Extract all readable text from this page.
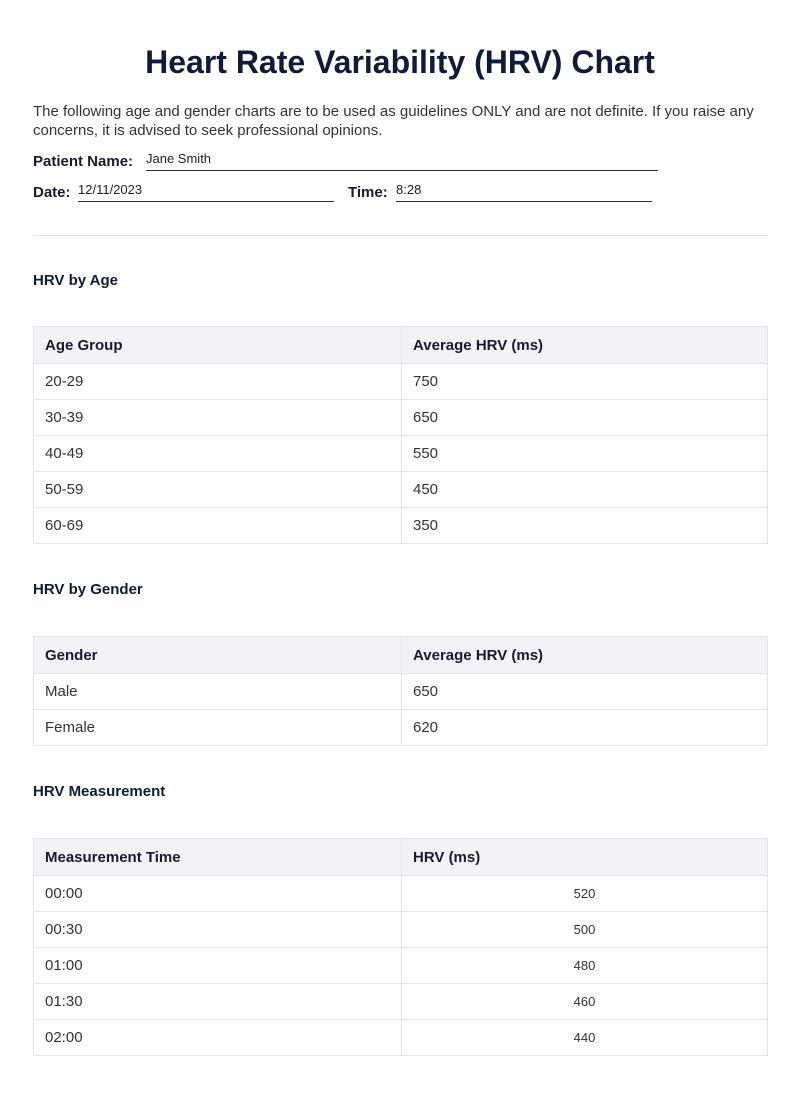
Heart Rate Variability (HRV) Chart
The following age and gender charts are to be used as guidelines ONLY and are not definite. If you raise any concerns, it is advised to seek professional opinions.
Patient Name: Jane Smith
Date: 12/11/2023	Time: 8:28
HRV by Age
Age Group	Average HRV (ms)
20-29	750
30-39	650
40-49	550
50-59	450
60-69	350
HRV by Gender
Gender	Average HRV (ms)
Male	650
Female	620
HRV Measurement
Measurement Time	HRV (ms)
00:00	520
00:30	500
01:00	480
01:30	460
02:00	440
